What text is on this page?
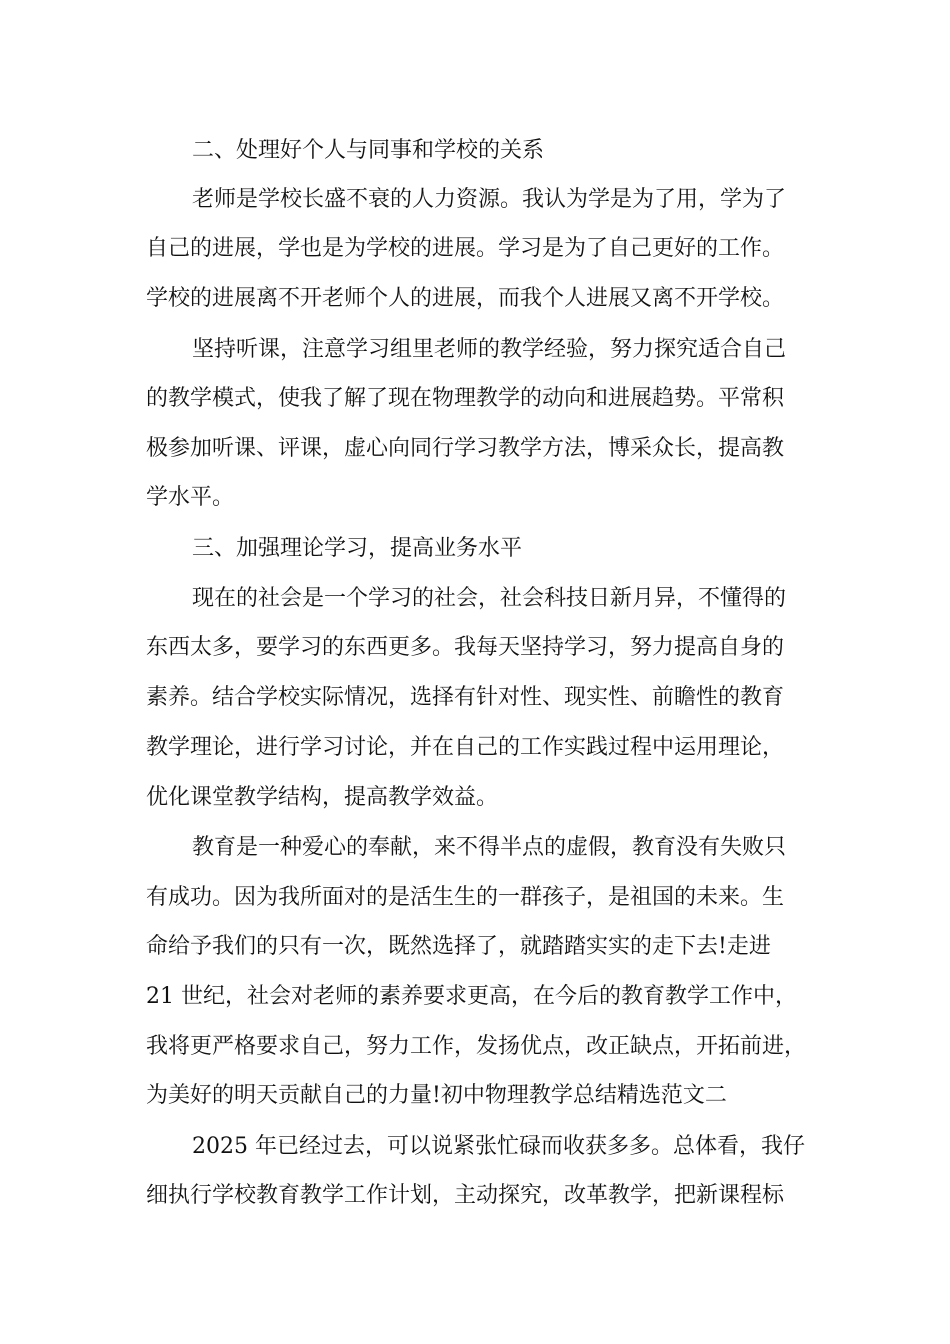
二、处理好个人与同事和学校的关系
老师是学校长盛不衰的人力资源。我认为学是为了用，学为了
自己的进展，学也是为学校的进展。学习是为了自己更好的工作。
学校的进展离不开老师个人的进展，而我个人进展又离不开学校。
坚持听课，注意学习组里老师的教学经验，努力探究适合自己
的教学模式，使我了解了现在物理教学的动向和进展趋势。平常积
极参加听课、评课，虚心向同行学习教学方法，博采众长，提高教
学水平。
三、加强理论学习，提高业务水平
现在的社会是一个学习的社会，社会科技日新月异，不懂得的
东西太多，要学习的东西更多。我每天坚持学习，努力提高自身的
素养。结合学校实际情况，选择有针对性、现实性、前瞻性的教育
教学理论，进行学习讨论，并在自己的工作实践过程中运用理论，
优化课堂教学结构，提高教学效益。
教育是一种爱心的奉献，来不得半点的虚假，教育没有失败只
有成功。因为我所面对的是活生生的一群孩子，是祖国的未来。生
命给予我们的只有一次，既然选择了，就踏踏实实的走下去!走进
21 世纪，社会对老师的素养要求更高，在今后的教育教学工作中，
我将更严格要求自己，努力工作，发扬优点，改正缺点，开拓前进，
为美好的明天贡献自己的力量!初中物理教学总结精选范文二
2025 年已经过去，可以说紧张忙碌而收获多多。总体看，我仔
细执行学校教育教学工作计划，主动探究，改革教学，把新课程标
